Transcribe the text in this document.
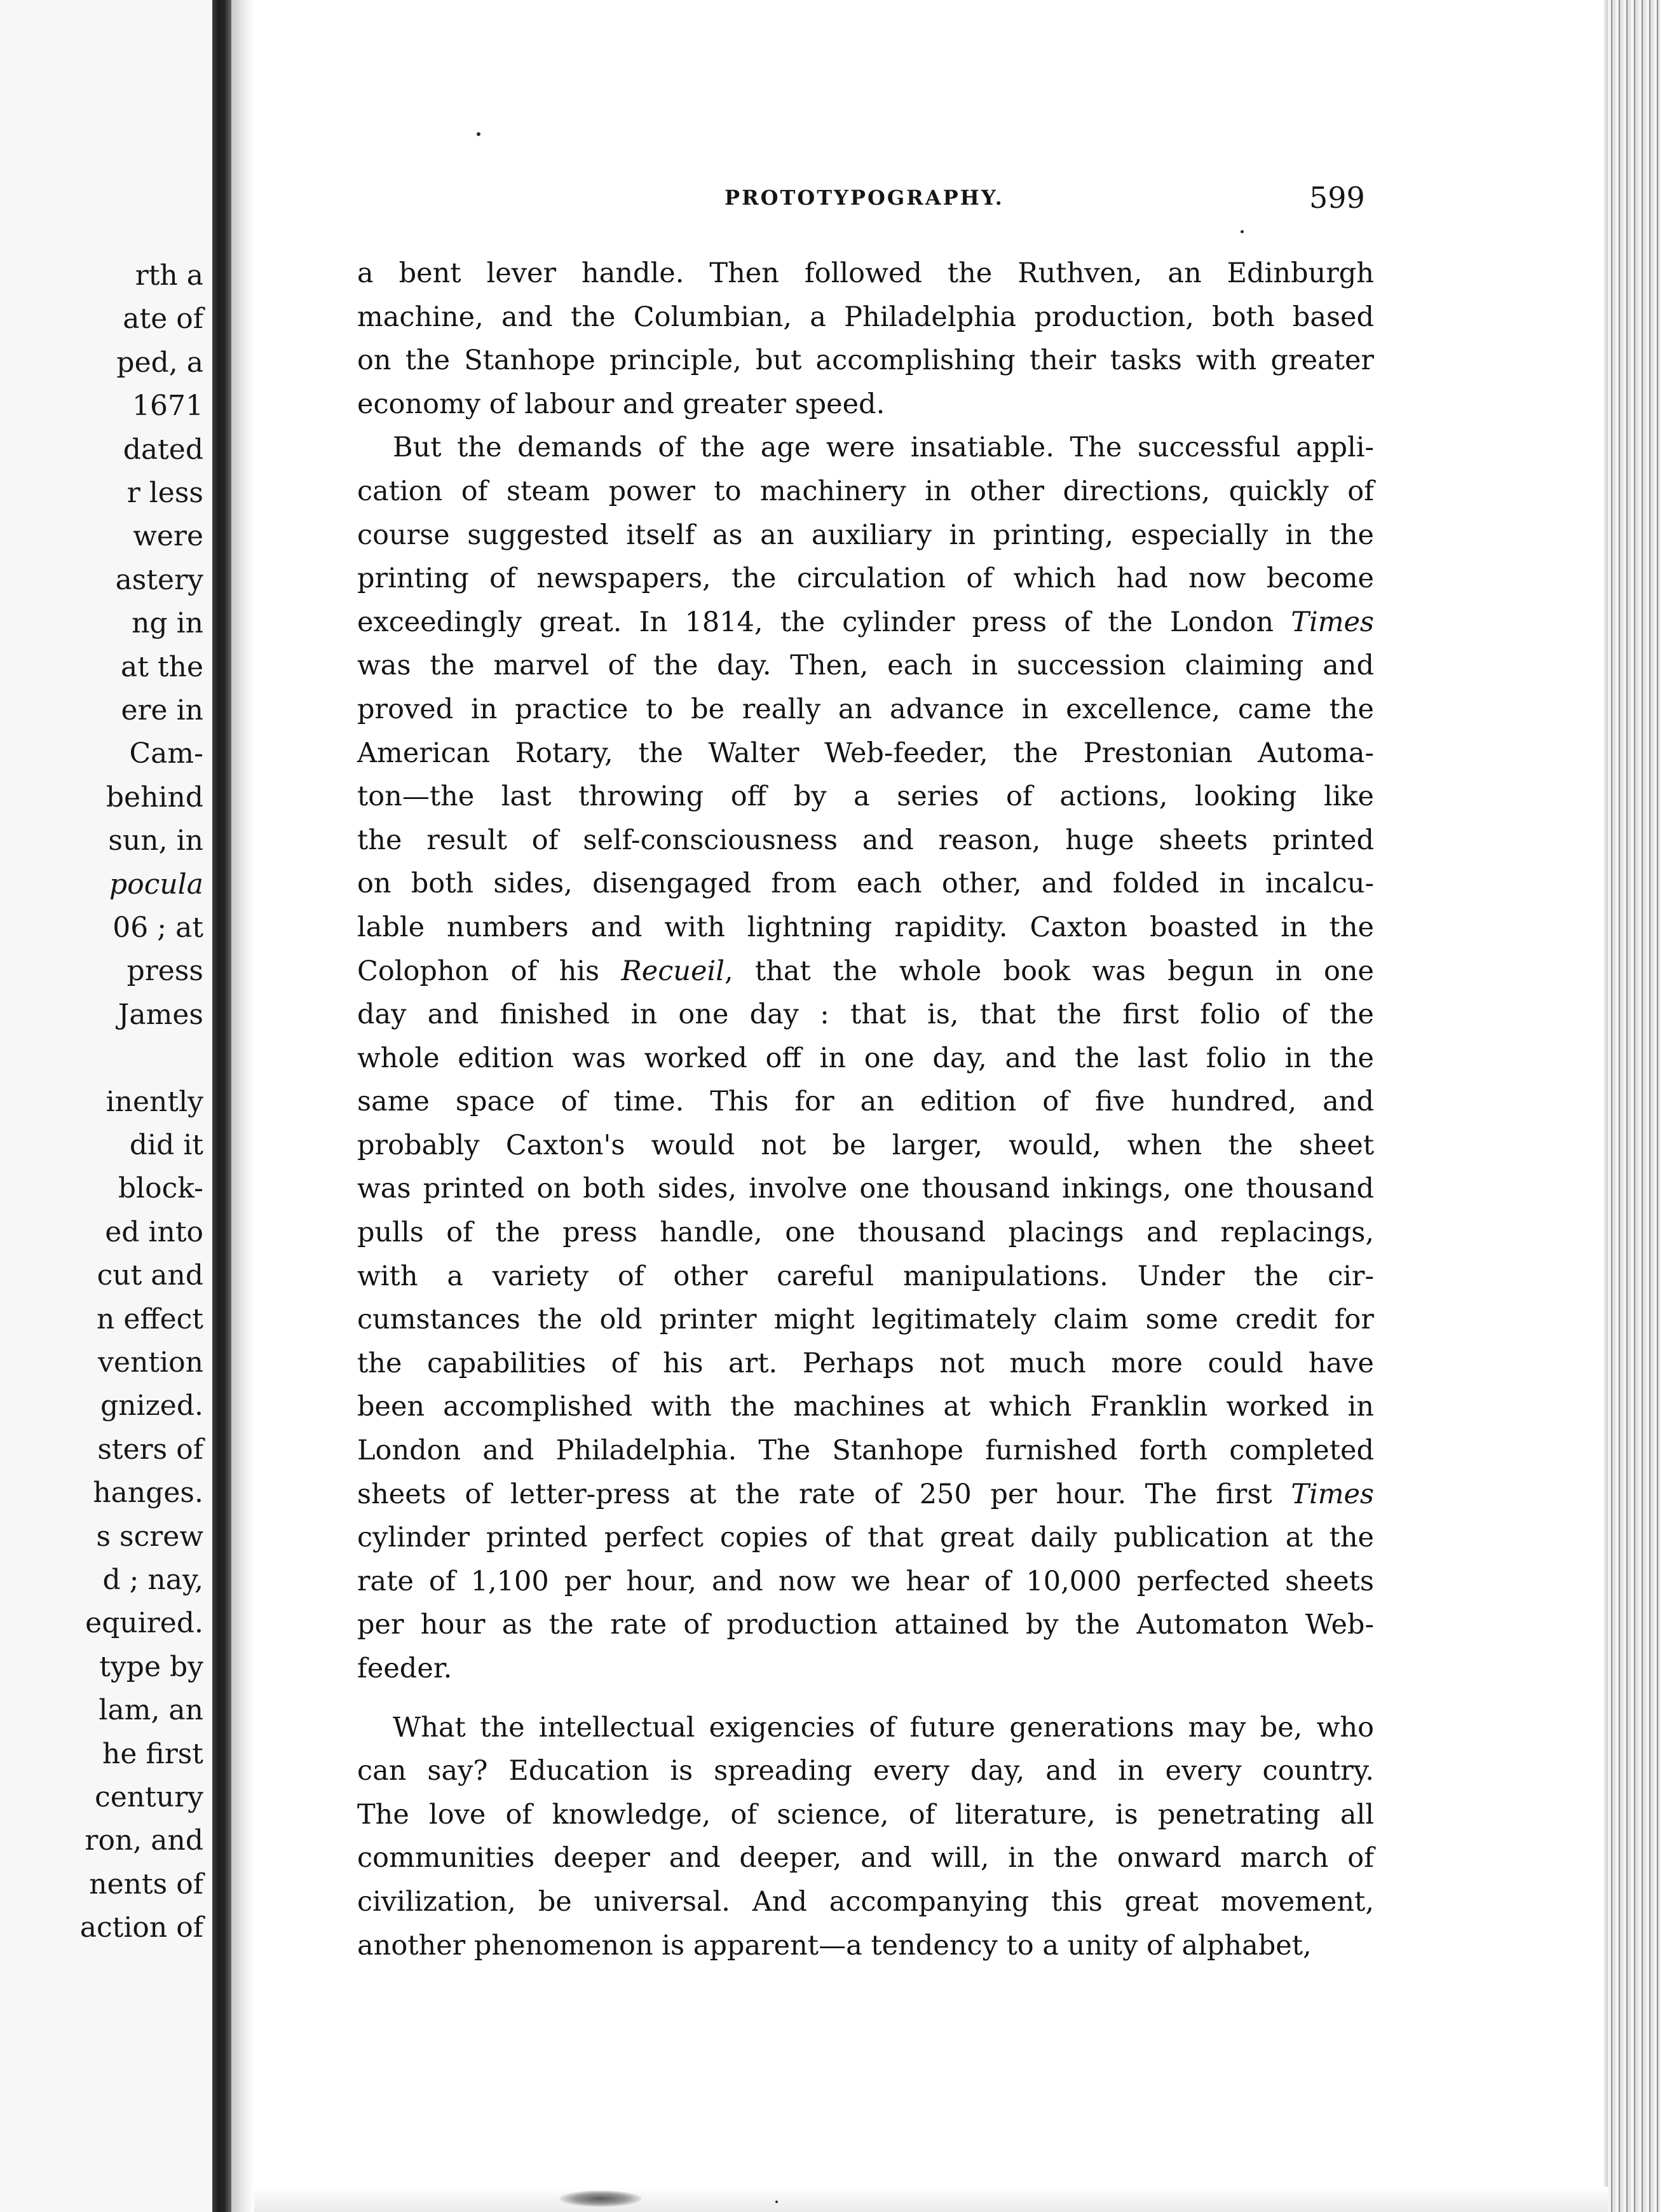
rth a
ate of
ped, a
1671
dated
r less
were
astery
ng in
at the
ere in
Cam-
behind
sun, in
pocula
06 ; at
press
James
inently
did it
block-
ed into
cut and
n effect
vention
gnized.
sters of
hanges.
s screw
d ; nay,
equired.
type by
lam, an
he first
century
ron, and
nents of
action of
PROTOTYPOGRAPHY.	599
a bent lever handle. Then followed the Ruthven, an Edinburgh
machine, and the Columbian, a Philadelphia production, both based
on the Stanhope principle, but accomplishing their tasks with greater
economy of labour and greater speed.
But the demands of the age were insatiable. The successful appli-
cation of steam power to machinery in other directions, quickly of
course suggested itself as an auxiliary in printing, especially in the
printing of newspapers, the circulation of which had now become
exceedingly great. In 1814, the cylinder press of the London Times
was the marvel of the day. Then, each in succession claiming and
proved in practice to be really an advance in excellence, came the
American Rotary, the Walter Web-feeder, the Prestonian Automa-
ton—the last throwing off by a series of actions, looking like
the result of self-consciousness and reason, huge sheets printed
on both sides, disengaged from each other, and folded in incalcu-
lable numbers and with lightning rapidity. Caxton boasted in the
Colophon of his Recueil, that the whole book was begun in one
day and finished in one day : that is, that the first folio of the
whole edition was worked off in one day, and the last folio in the
same space of time. This for an edition of five hundred, and
probably Caxton's would not be larger, would, when the sheet
was printed on both sides, involve one thousand inkings, one thousand
pulls of the press handle, one thousand placings and replacings,
with a variety of other careful manipulations. Under the cir-
cumstances the old printer might legitimately claim some credit for
the capabilities of his art. Perhaps not much more could have
been accomplished with the machines at which Franklin worked in
London and Philadelphia. The Stanhope furnished forth completed
sheets of letter-press at the rate of 250 per hour. The first Times
cylinder printed perfect copies of that great daily publication at the
rate of 1,100 per hour, and now we hear of 10,000 perfected sheets
per hour as the rate of production attained by the Automaton Web-
feeder.
What the intellectual exigencies of future generations may be, who
can say? Education is spreading every day, and in every country.
The love of knowledge, of science, of literature, is penetrating all
communities deeper and deeper, and will, in the onward march of
civilization, be universal. And accompanying this great movement,
another phenomenon is apparent—a tendency to a unity of alphabet,
